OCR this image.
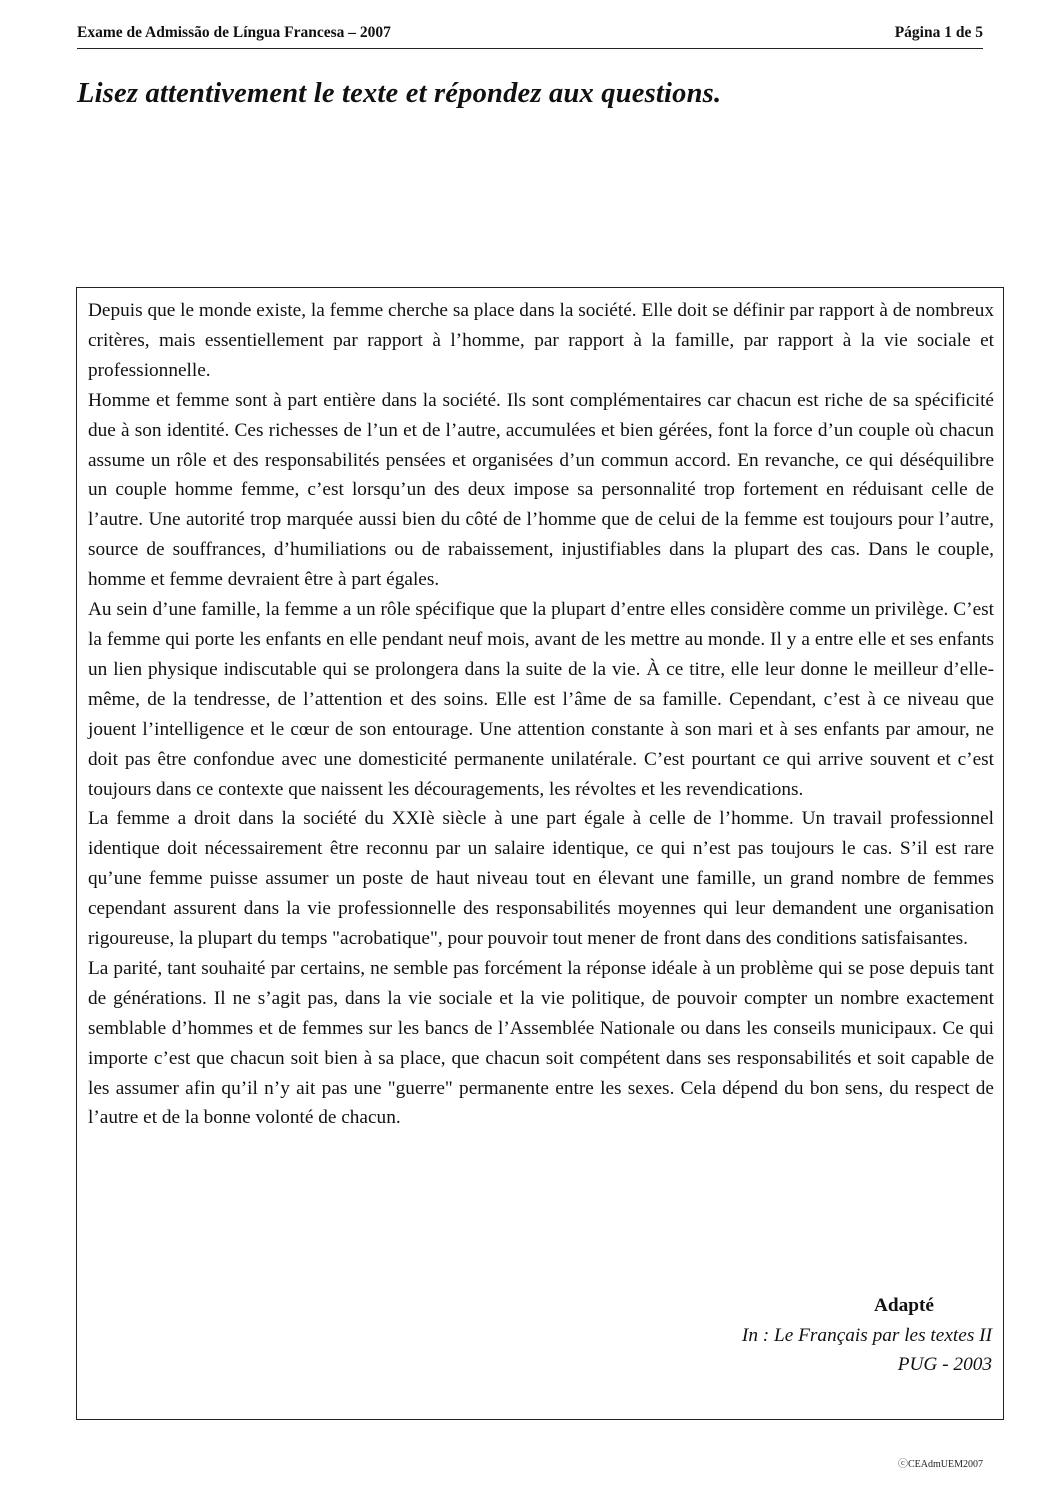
Exame de Admissão de Língua Francesa – 2007	Página 1 de 5
Lisez attentivement le texte et répondez aux questions.

Depuis que le monde existe, la femme cherche sa place dans la société. Elle doit se définir par rapport à de nombreux critères, mais essentiellement par rapport à l’homme, par rapport à la famille, par rapport à la vie sociale et professionnelle.

Homme et femme sont à part entière dans la société. Ils sont complémentaires car chacun est riche de sa spécificité due à son identité. Ces richesses de l’un et de l’autre, accumulées et bien gérées, font la force d’un couple où chacun assume un rôle et des responsabilités pensées et organisées d’un commun accord. En revanche, ce qui déséquilibre un couple homme femme, c’est lorsqu’un des deux impose sa personnalité trop fortement en réduisant celle de l’autre. Une autorité trop marquée aussi bien du côté de l’homme que de celui de la femme est toujours pour l’autre, source de souffrances, d’humiliations ou de rabaissement, injustifiables dans la plupart des cas. Dans le couple, homme et femme devraient être à part égales.

Au sein d’une famille, la femme a un rôle spécifique que la plupart d’entre elles considère comme un privilège. C’est la femme qui porte les enfants en elle pendant neuf mois, avant de les mettre au monde. Il y a entre elle et ses enfants un lien physique indiscutable qui se prolongera dans la suite de la vie. À ce titre, elle leur donne le meilleur d’elle-même, de la tendresse, de l’attention et des soins. Elle est l’âme de sa famille. Cependant, c’est à ce niveau que jouent l’intelligence et le cœur de son entourage. Une attention constante à son mari et à ses enfants par amour, ne doit pas être confondue avec une domesticité permanente unilatérale. C’est pourtant ce qui arrive souvent et c’est toujours dans ce contexte que naissent les découragements, les révoltes et les revendications.

La femme a droit dans la société du XXIè siècle à une part égale à celle de l’homme. Un travail professionnel identique doit nécessairement être reconnu par un salaire identique, ce qui n’est pas toujours le cas. S’il est rare qu’une femme puisse assumer un poste de haut niveau tout en élevant une famille, un grand nombre de femmes cependant assurent dans la vie professionnelle des responsabilités moyennes qui leur demandent une organisation rigoureuse, la plupart du temps "acrobatique", pour pouvoir tout mener de front dans des conditions satisfaisantes.

La parité, tant souhaité par certains, ne semble pas forcément la réponse idéale à un problème qui se pose depuis tant de générations. Il ne s’agit pas, dans la vie sociale et la vie politique, de pouvoir compter un nombre exactement semblable d’hommes et de femmes sur les bancs de l’Assemblée Nationale ou dans les conseils municipaux. Ce qui importe c’est que chacun soit bien à sa place, que chacun soit compétent dans ses responsabilités et soit capable de les assumer afin qu’il n’y ait pas une "guerre" permanente entre les sexes. Cela dépend du bon sens, du respect de l’autre et de la bonne volonté de chacun.

Adapté
In : Le Français par les textes II
PUG - 2003
ⓒCEAdmUEM2007
